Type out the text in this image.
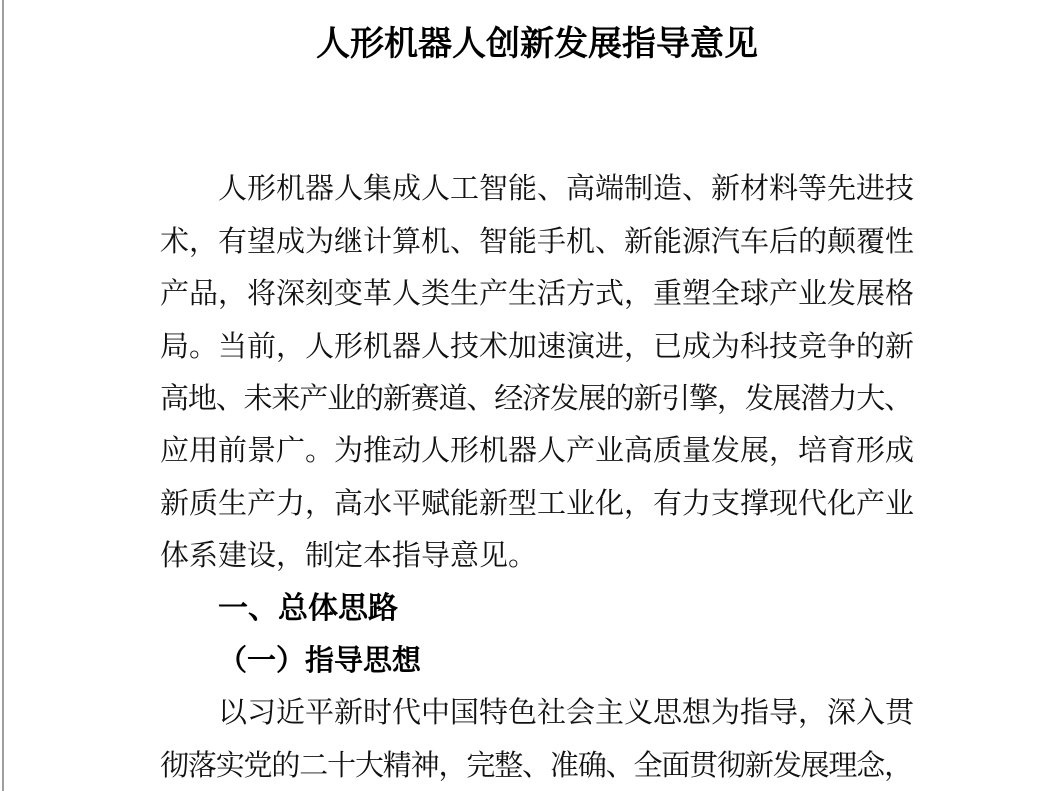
人形机器人创新发展指导意见

人形机器人集成人工智能、高端制造、新材料等先进技

术，有望成为继计算机、智能手机、新能源汽车后的颠覆性

产品，将深刻变革人类生产生活方式，重塑全球产业发展格

局。当前，人形机器人技术加速演进，已成为科技竞争的新

高地、未来产业的新赛道、经济发展的新引擎，发展潜力大、

应用前景广。为推动人形机器人产业高质量发展，培育形成

新质生产力，高水平赋能新型工业化，有力支撑现代化产业

体系建设，制定本指导意见。

一、总体思路

（一）指导思想

以习近平新时代中国特色社会主义思想为指导，深入贯

彻落实党的二十大精神，完整、准确、全面贯彻新发展理念，
